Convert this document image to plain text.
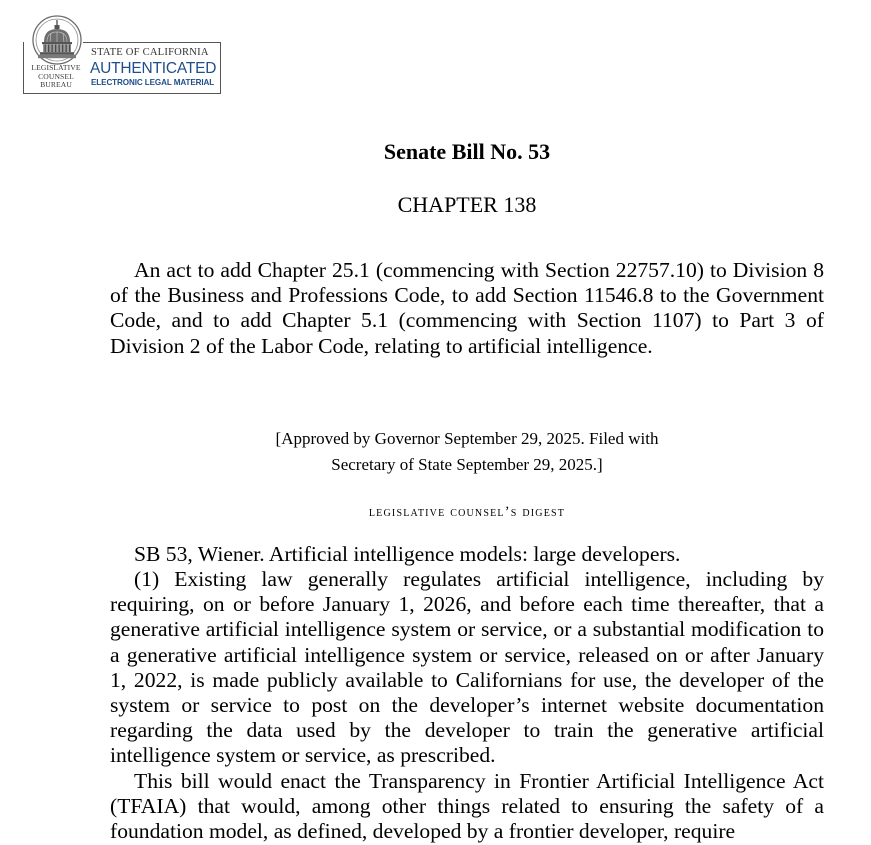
LEGISLATIVE
COUNSEL
BUREAU
STATE OF CALIFORNIA
AUTHENTICATED
ELECTRONIC LEGAL MATERIAL
Senate Bill No. 53
CHAPTER 138
An act to add Chapter 25.1 (commencing with Section 22757.10) to Division 8 of the Business and Professions Code, to add Section 11546.8 to the Government Code, and to add Chapter 5.1 (commencing with Section 1107) to Part 3 of Division 2 of the Labor Code, relating to artificial intelligence.
[Approved by Governor September 29, 2025. Filed with
Secretary of State September 29, 2025.]
legislative counsel’s digest
SB 53, Wiener. Artificial intelligence models: large developers.
(1) Existing law generally regulates artificial intelligence, including by requiring, on or before January 1, 2026, and before each time thereafter, that a generative artificial intelligence system or service, or a substantial modification to a generative artificial intelligence system or service, released on or after January 1, 2022, is made publicly available to Californians for use, the developer of the system or service to post on the developer’s internet website documentation regarding the data used by the developer to train the generative artificial intelligence system or service, as prescribed.
This bill would enact the Transparency in Frontier Artificial Intelligence Act (TFAIA) that would, among other things related to ensuring the safety of a foundation model, as defined, developed by a frontier developer, require
